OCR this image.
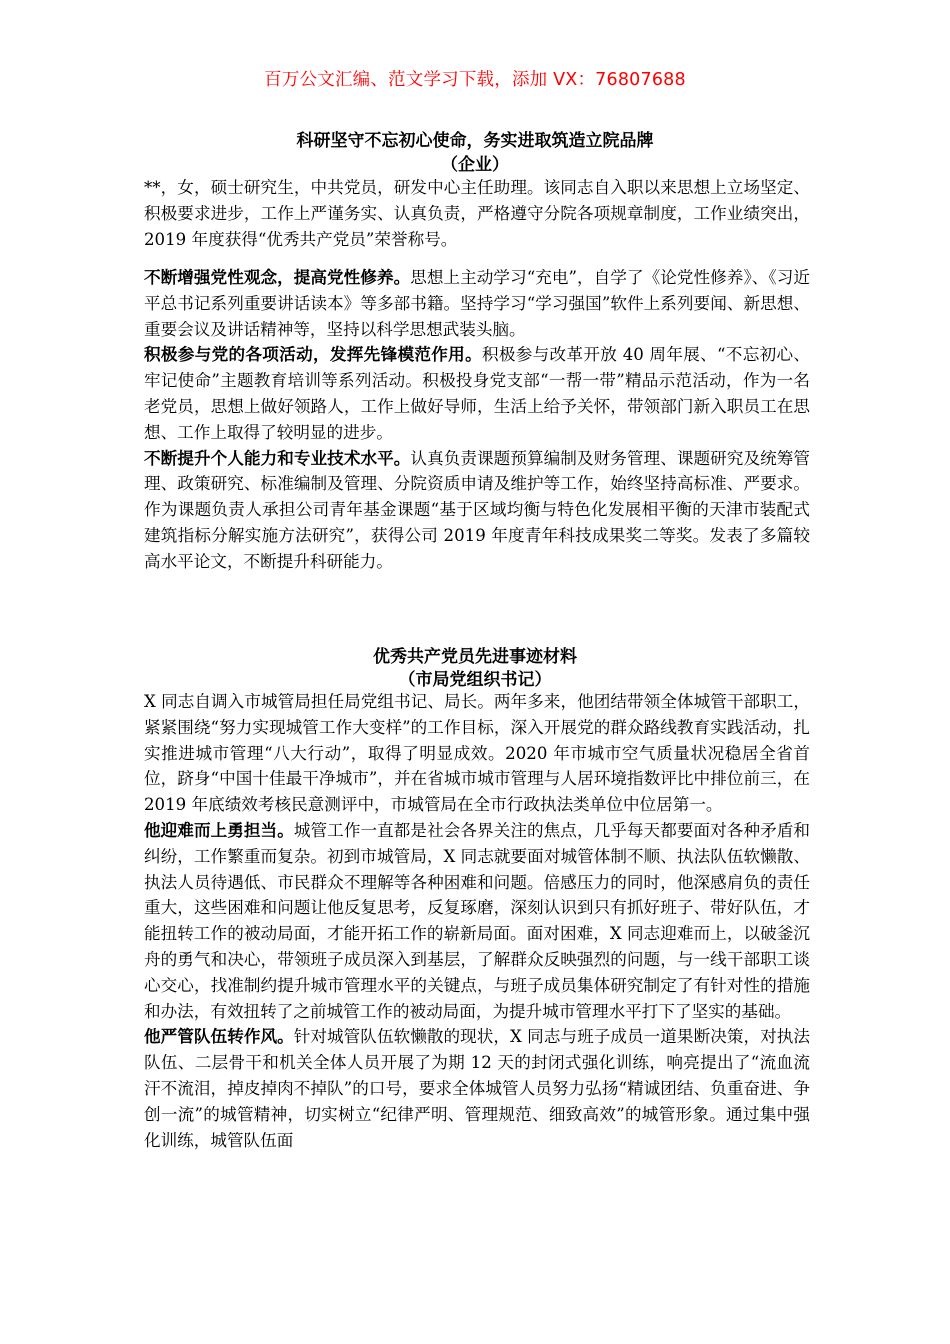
百万公文汇编、范文学习下载，添加 VX：76807688
科研坚守不忘初心使命，务实进取筑造立院品牌
（企业）

**，女，硕士研究生，中共党员，研发中心主任助理。该同志自入职以来思想上立场坚定、积极要求进步，工作上严谨务实、认真负责，严格遵守分院各项规章制度，工作业绩突出，2019 年度获得“优秀共产党员”荣誉称号。

不断增强党性观念，提高党性修养。思想上主动学习“充电”，自学了《论党性修养》、《习近平总书记系列重要讲话读本》等多部书籍。坚持学习“学习强国”软件上系列要闻、新思想、重要会议及讲话精神等，坚持以科学思想武装头脑。

积极参与党的各项活动，发挥先锋模范作用。积极参与改革开放 40 周年展、“不忘初心、牢记使命”主题教育培训等系列活动。积极投身党支部“一帮一带”精品示范活动，作为一名老党员，思想上做好领路人，工作上做好导师，生活上给予关怀，带领部门新入职员工在思想、工作上取得了较明显的进步。

不断提升个人能力和专业技术水平。认真负责课题预算编制及财务管理、课题研究及统筹管理、政策研究、标准编制及管理、分院资质申请及维护等工作，始终坚持高标准、严要求。作为课题负责人承担公司青年基金课题“基于区域均衡与特色化发展相平衡的天津市装配式建筑指标分解实施方法研究”，获得公司 2019 年度青年科技成果奖二等奖。发表了多篇较高水平论文，不断提升科研能力。

优秀共产党员先进事迹材料
（市局党组织书记）

X 同志自调入市城管局担任局党组书记、局长。两年多来，他团结带领全体城管干部职工，紧紧围绕“努力实现城管工作大变样”的工作目标，深入开展党的群众路线教育实践活动，扎实推进城市管理“八大行动”，取得了明显成效。2020 年市城市空气质量状况稳居全省首位，跻身“中国十佳最干净城市”，并在省城市城市管理与人居环境指数评比中排位前三，在 2019 年底绩效考核民意测评中，市城管局在全市行政执法类单位中位居第一。

他迎难而上勇担当。城管工作一直都是社会各界关注的焦点，几乎每天都要面对各种矛盾和纠纷，工作繁重而复杂。初到市城管局，X 同志就要面对城管体制不顺、执法队伍软懒散、执法人员待遇低、市民群众不理解等各种困难和问题。倍感压力的同时，他深感肩负的责任重大，这些困难和问题让他反复思考，反复琢磨，深刻认识到只有抓好班子、带好队伍，才能扭转工作的被动局面，才能开拓工作的崭新局面。面对困难，X 同志迎难而上，以破釜沉舟的勇气和决心，带领班子成员深入到基层，了解群众反映强烈的问题，与一线干部职工谈心交心，找准制约提升城市管理水平的关键点，与班子成员集体研究制定了有针对性的措施和办法，有效扭转了之前城管工作的被动局面，为提升城市管理水平打下了坚实的基础。

他严管队伍转作风。针对城管队伍软懒散的现状，X 同志与班子成员一道果断决策，对执法队伍、二层骨干和机关全体人员开展了为期 12 天的封闭式强化训练，响亮提出了“流血流汗不流泪，掉皮掉肉不掉队”的口号，要求全体城管人员努力弘扬“精诚团结、负重奋进、争创一流”的城管精神，切实树立“纪律严明、管理规范、细致高效”的城管形象。通过集中强化训练，城管队伍面
